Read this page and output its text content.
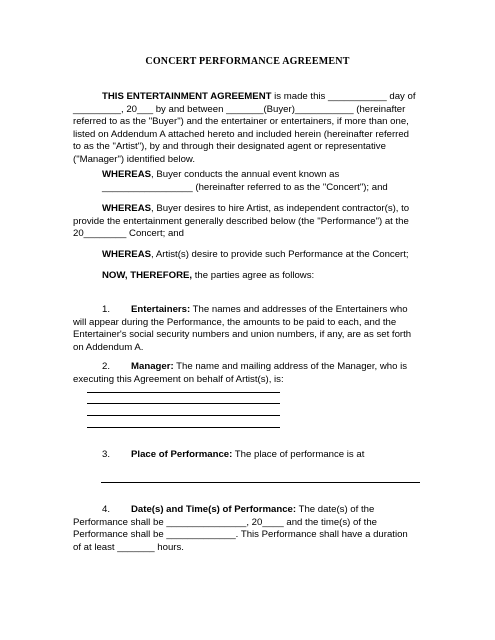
CONCERT PERFORMANCE AGREEMENT
THIS ENTERTAINMENT AGREEMENT is made this ___________ day of
_________, 20___ by and between _______(Buyer)___________ (hereinafter
referred to as the "Buyer") and the entertainer or entertainers, if more than one,
listed on Addendum A attached hereto and included herein (hereinafter referred
to as the "Artist"), by and through their designated agent or representative
("Manager") identified below.
WHEREAS, Buyer conducts the annual event known as
_________________ (hereinafter referred to as the "Concert"); and
WHEREAS, Buyer desires to hire Artist, as independent contractor(s), to
provide the entertainment generally described below (the "Performance") at the
20________ Concert; and
WHEREAS, Artist(s) desire to provide such Performance at the Concert;
NOW, THEREFORE, the parties agree as follows:
1. Entertainers: The names and addresses of the Entertainers who
will appear during the Performance, the amounts to be paid to each, and the
Entertainer's social security numbers and union numbers, if any, are as set forth
on Addendum A.
2. Manager: The name and mailing address of the Manager, who is
executing this Agreement on behalf of Artist(s), is:
3. Place of Performance: The place of performance is at
4. Date(s) and Time(s) of Performance: The date(s) of the
Performance shall be _______________, 20____ and the time(s) of the
Performance shall be _____________. This Performance shall have a duration
of at least _______ hours.
